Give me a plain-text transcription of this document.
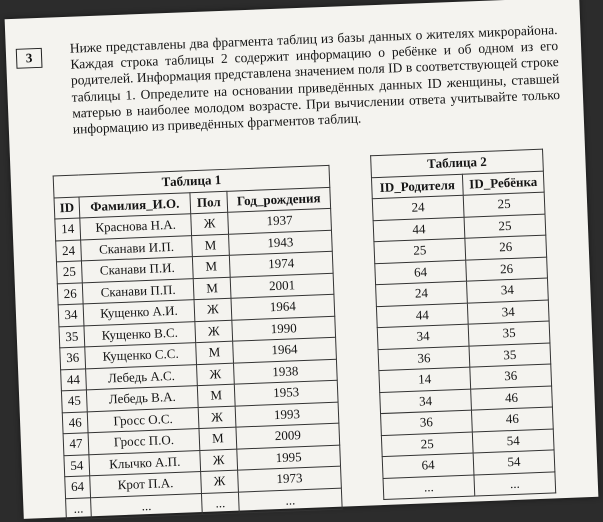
3
Ниже представлены два фрагмента таблиц из базы данных о жителях микрорайона. Каждая строка таблицы 2 содержит информацию о ребёнке и об одном из его родителей. Информация представлена значением поля ID в соответствующей строке таблицы 1. Определите на основании приведённых данных ID женщины, ставшей матерью в наиболее молодом возрасте. При вычислении ответа учитывайте только информацию из приведённых фрагментов таблиц.
Таблица 1			
ID	Фамилия_И.О.	Пол	Год_рождения
14	Краснова Н.А.	Ж	1937
24	Сканави И.П.	М	1943
25	Сканави П.И.	М	1974
26	Сканави П.П.	М	2001
34	Кущенко А.И.	Ж	1964
35	Кущенко В.С.	Ж	1990
36	Кущенко С.С.	М	1964
44	Лебедь А.С.	Ж	1938
45	Лебедь В.А.	М	1953
46	Гросс О.С.	Ж	1993
47	Гросс П.О.	М	2009
54	Клычко А.П.	Ж	1995
64	Крот П.А.	Ж	1973
...	...	...	...
Таблица 2	
ID_Родителя	ID_Ребёнка
24	25
44	25
25	26
64	26
24	34
44	34
34	35
36	35
14	36
34	46
36	46
25	54
64	54
...	...
